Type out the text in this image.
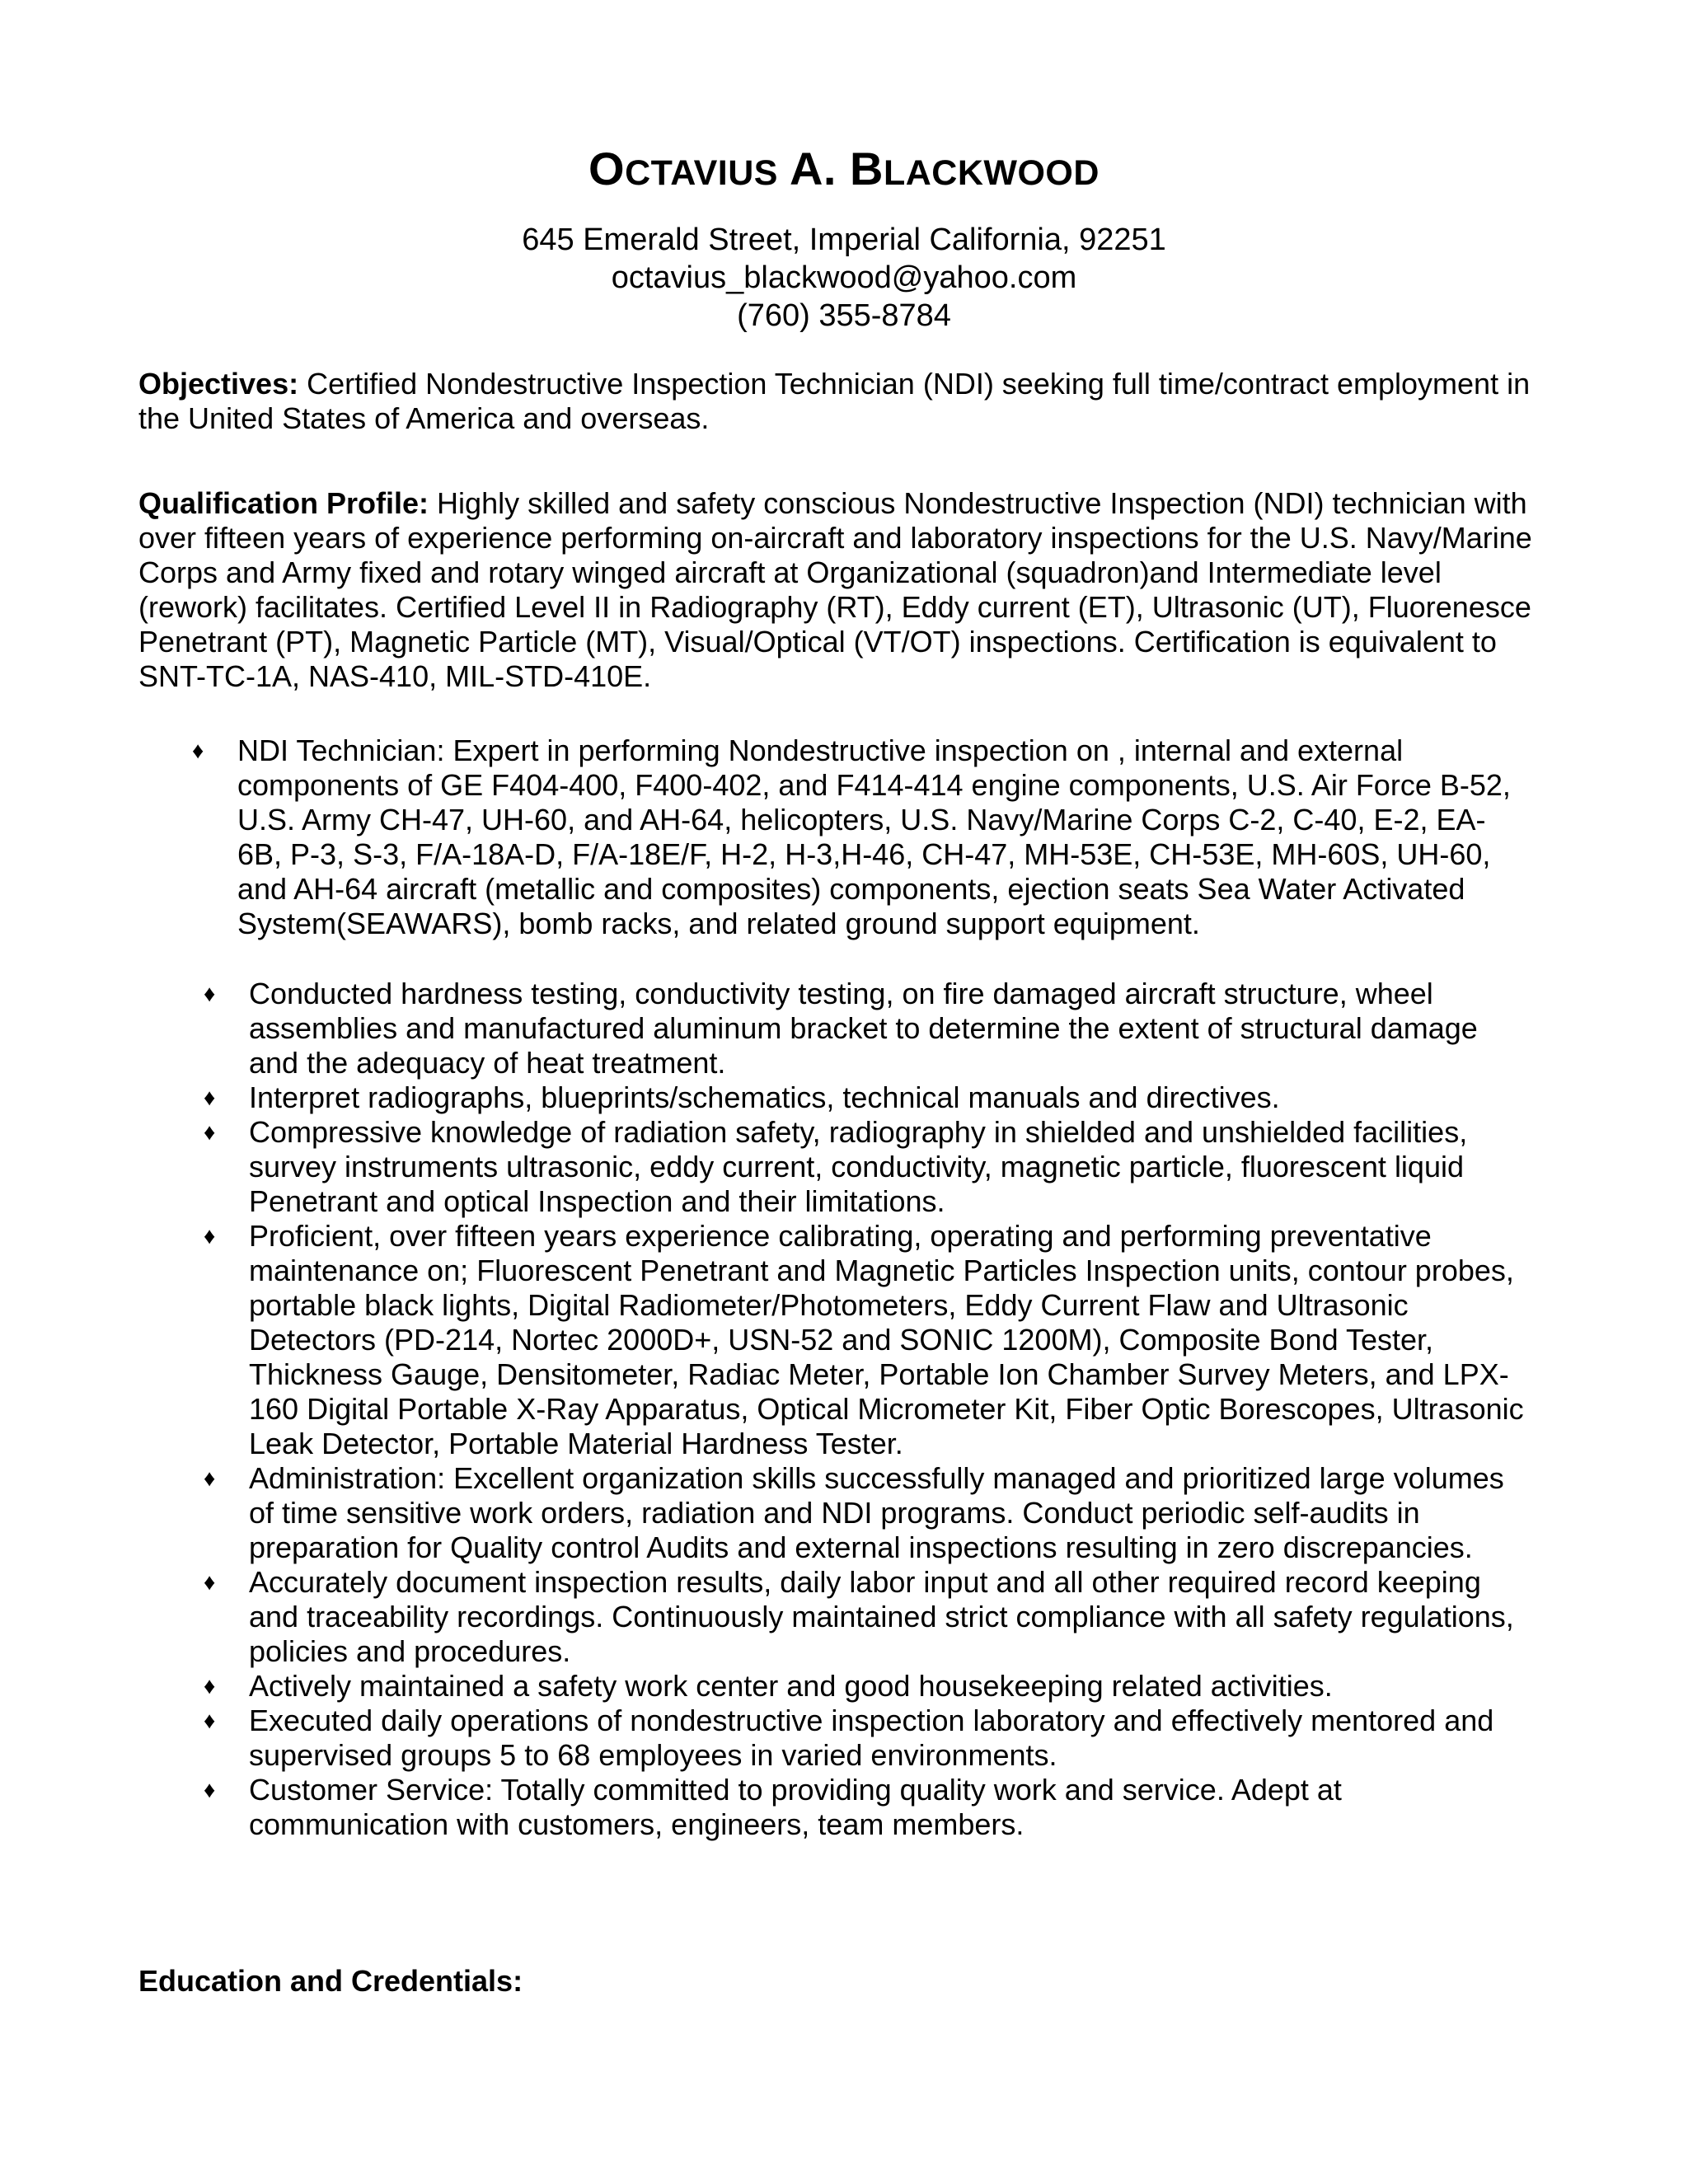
OCTAVIUS A. BLACKWOOD
645 Emerald Street, Imperial California, 92251
octavius_blackwood@yahoo.com
(760) 355-8784

Objectives: Certified Nondestructive Inspection Technician (NDI) seeking full time/contract employment in the United States of America and overseas.

Qualification Profile: Highly skilled and safety conscious Nondestructive Inspection (NDI) technician with over fifteen years of experience performing on-aircraft and laboratory inspections for the U.S. Navy/Marine Corps and Army fixed and rotary winged aircraft at Organizational (squadron)and Intermediate level (rework) facilitates. Certified Level II in Radiography (RT), Eddy current (ET), Ultrasonic (UT), Fluorenesce Penetrant (PT), Magnetic Particle (MT), Visual/Optical (VT/OT) inspections. Certification is equivalent to SNT-TC-1A, NAS-410, MIL-STD-410E.

♦ NDI Technician: Expert in performing Nondestructive inspection on , internal and external components of GE F404-400, F400-402, and F414-414 engine components, U.S. Air Force B-52, U.S. Army CH-47, UH-60, and AH-64, helicopters, U.S. Navy/Marine Corps C-2, C-40, E-2, EA-6B, P-3, S-3, F/A-18A-D, F/A-18E/F, H-2, H-3,H-46, CH-47, MH-53E, CH-53E, MH-60S, UH-60, and AH-64 aircraft (metallic and composites) components, ejection seats Sea Water Activated System(SEAWARS), bomb racks, and related ground support equipment.
♦ Conducted hardness testing, conductivity testing, on fire damaged aircraft structure, wheel assemblies and manufactured aluminum bracket to determine the extent of structural damage and the adequacy of heat treatment.
♦ Interpret radiographs, blueprints/schematics, technical manuals and directives.
♦ Compressive knowledge of radiation safety, radiography in shielded and unshielded facilities, survey instruments ultrasonic, eddy current, conductivity, magnetic particle, fluorescent liquid Penetrant and optical Inspection and their limitations.
♦ Proficient, over fifteen years experience calibrating, operating and performing preventative maintenance on; Fluorescent Penetrant and Magnetic Particles Inspection units, contour probes, portable black lights, Digital Radiometer/Photometers, Eddy Current Flaw and Ultrasonic Detectors (PD-214, Nortec 2000D+, USN-52 and SONIC 1200M), Composite Bond Tester, Thickness Gauge, Densitometer, Radiac Meter, Portable Ion Chamber Survey Meters, and LPX-160 Digital Portable X-Ray Apparatus, Optical Micrometer Kit, Fiber Optic Borescopes, Ultrasonic Leak Detector, Portable Material Hardness Tester.
♦ Administration: Excellent organization skills successfully managed and prioritized large volumes of time sensitive work orders, radiation and NDI programs. Conduct periodic self-audits in preparation for Quality control Audits and external inspections resulting in zero discrepancies.
♦ Accurately document inspection results, daily labor input and all other required record keeping and traceability recordings. Continuously maintained strict compliance with all safety regulations, policies and procedures.
♦ Actively maintained a safety work center and good housekeeping related activities.
♦ Executed daily operations of nondestructive inspection laboratory and effectively mentored and supervised groups 5 to 68 employees in varied environments.
♦ Customer Service: Totally committed to providing quality work and service. Adept at communication with customers, engineers, team members.
Education and Credentials:
